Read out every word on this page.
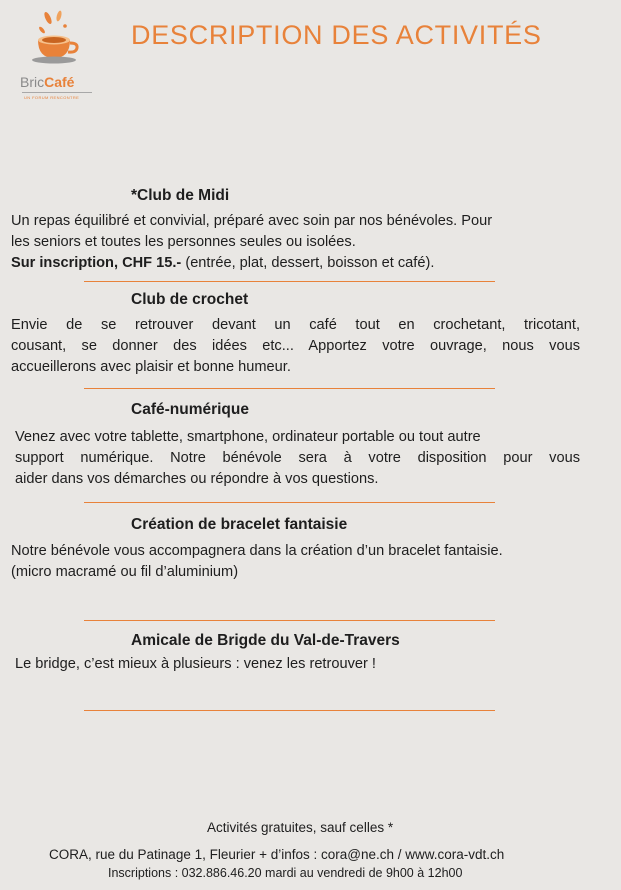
BricCafé
UN FORUM RENCONTRE
DESCRIPTION DES ACTIVITÉS
*Club de Midi
Un repas équilibré et convivial, préparé avec soin par nos bénévoles. Pour
les seniors et toutes les personnes seules ou isolées.
Sur inscription, CHF 15.- (entrée, plat, dessert, boisson et café).
Club de crochet
Envie de se retrouver devant un café tout en crochetant, tricotant,
cousant, se donner des idées etc... Apportez votre ouvrage, nous vous
accueillerons avec plaisir et bonne humeur.
Café-numérique
Venez avec votre tablette, smartphone, ordinateur portable ou tout autre
support numérique. Notre bénévole sera à votre disposition pour vous
aider dans vos démarches ou répondre à vos questions.
Création de bracelet fantaisie
Notre bénévole vous accompagnera dans la création d’un bracelet fantaisie.
(micro macramé ou fil d’aluminium)
Amicale de Brigde du Val-de-Travers
Le bridge, c’est mieux à plusieurs : venez les retrouver !
Activités gratuites, sauf celles *
CORA, rue du Patinage 1, Fleurier + d’infos : cora@ne.ch / www.cora-vdt.ch
Inscriptions : 032.886.46.20 mardi au vendredi de 9h00 à 12h00
